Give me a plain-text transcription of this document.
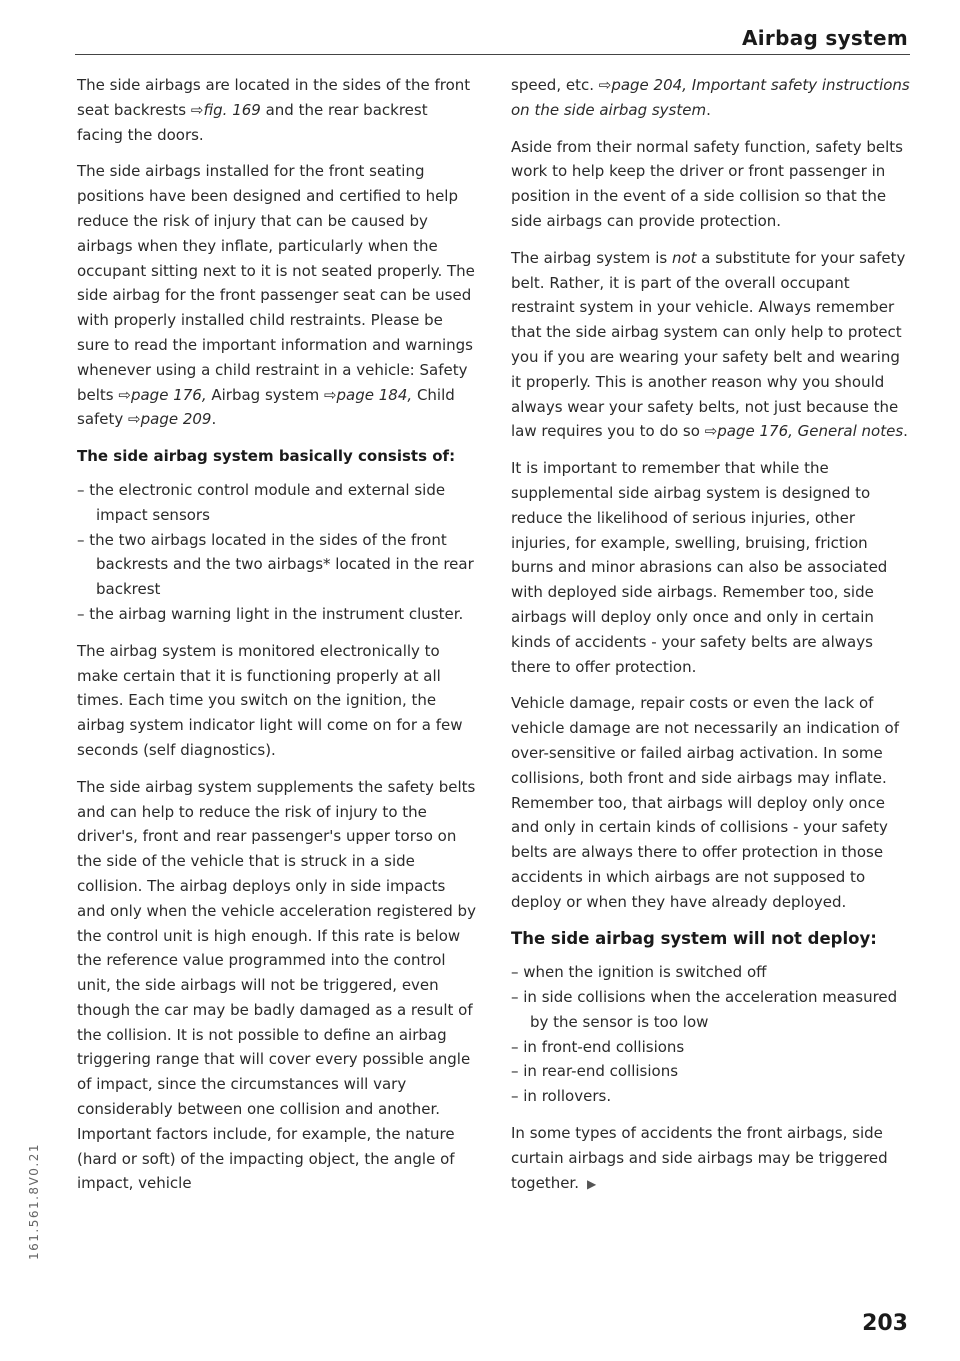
Airbag system

The side airbags are located in the sides of the front seat backrests ⇨fig. 169 and the rear backrest facing the doors.

The side airbags installed for the front seating positions have been designed and certified to help reduce the risk of injury that can be caused by airbags when they inflate, particularly when the occupant sitting next to it is not seated properly. The side airbag for the front passenger seat can be used with properly installed child restraints. Please be sure to read the important information and warnings whenever using a child restraint in a vehicle: Safety belts ⇨page 176, Airbag system ⇨page 184, Child safety ⇨page 209.

The side airbag system basically consists of:
– the electronic control module and external side impact sensors
– the two airbags located in the sides of the front backrests and the two airbags* located in the rear backrest
– the airbag warning light in the instrument cluster.

The airbag system is monitored electronically to make certain that it is functioning properly at all times. Each time you switch on the ignition, the airbag system indicator light will come on for a few seconds (self diagnostics).

The side airbag system supplements the safety belts and can help to reduce the risk of injury to the driver's, front and rear passenger's upper torso on the side of the vehicle that is struck in a side collision. The airbag deploys only in side impacts and only when the vehicle acceleration registered by the control unit is high enough. If this rate is below the reference value programmed into the control unit, the side airbags will not be triggered, even though the car may be badly damaged as a result of the collision. It is not possible to define an airbag triggering range that will cover every possible angle of impact, since the circumstances will vary considerably between one collision and another. Important factors include, for example, the nature (hard or soft) of the impacting object, the angle of impact, vehicle

speed, etc. ⇨page 204, Important safety instructions on the side airbag system.

Aside from their normal safety function, safety belts work to help keep the driver or front passenger in position in the event of a side collision so that the side airbags can provide protection.

The airbag system is not a substitute for your safety belt. Rather, it is part of the overall occupant restraint system in your vehicle. Always remember that the side airbag system can only help to protect you if you are wearing your safety belt and wearing it properly. This is another reason why you should always wear your safety belts, not just because the law requires you to do so ⇨page 176, General notes.

It is important to remember that while the supplemental side airbag system is designed to reduce the likelihood of serious injuries, other injuries, for example, swelling, bruising, friction burns and minor abrasions can also be associated with deployed side airbags. Remember too, side airbags will deploy only once and only in certain kinds of accidents - your safety belts are always there to offer protection.

Vehicle damage, repair costs or even the lack of vehicle damage are not necessarily an indication of over-sensitive or failed airbag activation. In some collisions, both front and side airbags may inflate. Remember too, that airbags will deploy only once and only in certain kinds of collisions - your safety belts are always there to offer protection in those accidents in which airbags are not supposed to deploy or when they have already deployed.

The side airbag system will not deploy:
– when the ignition is switched off
– in side collisions when the acceleration measured by the sensor is too low
– in front-end collisions
– in rear-end collisions
– in rollovers.

In some types of accidents the front airbags, side curtain airbags and side airbags may be triggered together. ▶

161.561.8V0.21
203
